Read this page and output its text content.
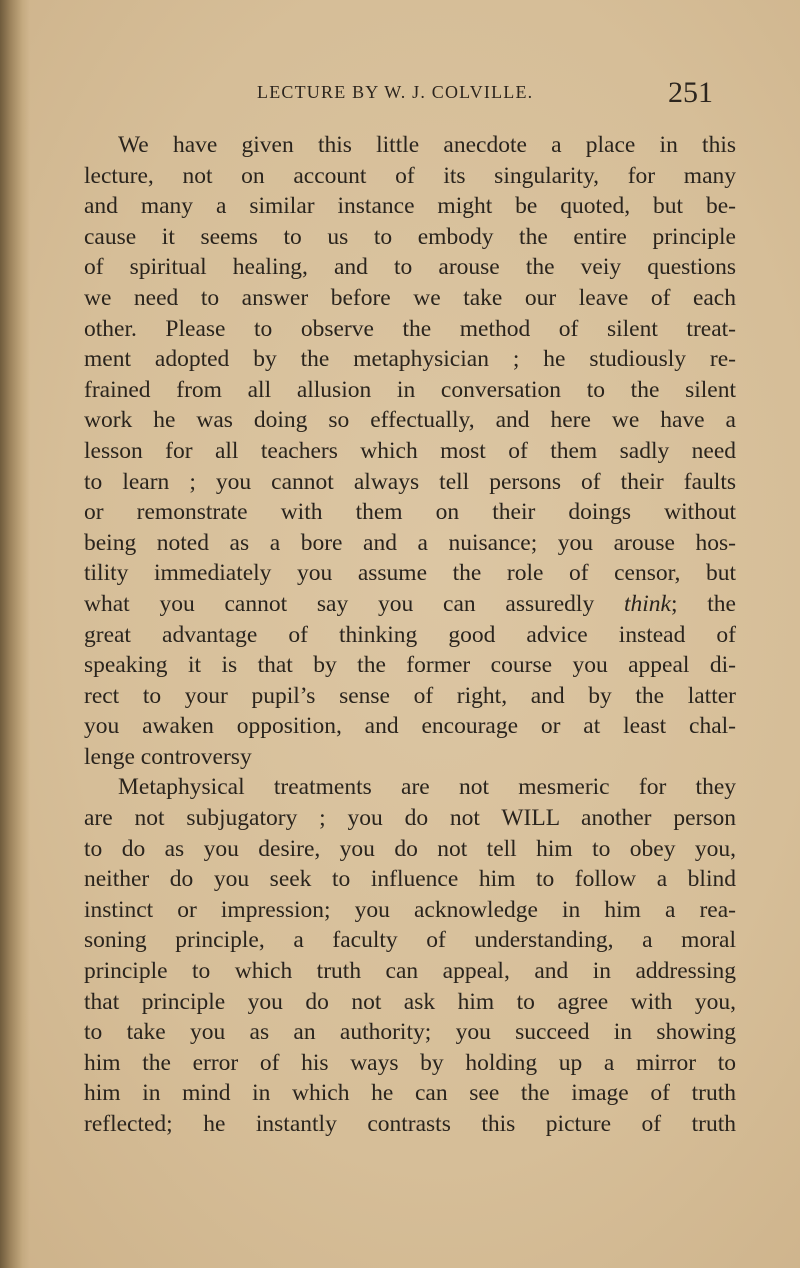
LECTURE BY W. J. COLVILLE.	251
We have given this little anecdote a place in this
lecture, not on account of its singularity, for many
and many a similar instance might be quoted, but be-
cause it seems to us to embody the entire principle
of spiritual healing, and to arouse the veiy questions
we need to answer before we take our leave of each
other. Please to observe the method of silent treat-
ment adopted by the metaphysician ; he studiously re-
frained from all allusion in conversation to the silent
work he was doing so effectually, and here we have a
lesson for all teachers which most of them sadly need
to learn ; you cannot always tell persons of their faults
or remonstrate with them on their doings without
being noted as a bore and a nuisance; you arouse hos-
tility immediately you assume the role of censor, but
what you cannot say you can assuredly think; the
great advantage of thinking good advice instead of
speaking it is that by the former course you appeal di-
rect to your pupil’s sense of right, and by the latter
you awaken opposition, and encourage or at least chal-
lenge controversy
Metaphysical treatments are not mesmeric for they
are not subjugatory ; you do not WILL another person
to do as you desire, you do not tell him to obey you,
neither do you seek to influence him to follow a blind
instinct or impression; you acknowledge in him a rea-
soning principle, a faculty of understanding, a moral
principle to which truth can appeal, and in addressing
that principle you do not ask him to agree with you,
to take you as an authority; you succeed in showing
him the error of his ways by holding up a mirror to
him in mind in which he can see the image of truth
reflected; he instantly contrasts this picture of truth
